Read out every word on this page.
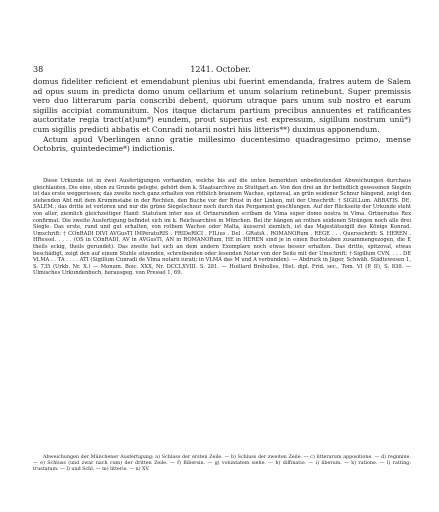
38	1241. October.

domus fideliter reficient et emendabunt plenius ubi fuerint emendanda, fratres autem de Salem ad opus suum in predicta domo unum cellarium et unum solarium retinebunt. Super premissis vero duo litterarum paria conscribi debent, quorum utraque pars unum sub nostro et earum sigillis accipiat communitum. Nos itaque dictarum partium precibus annuentes et ratificantes auctoritate regia tract(at)um*) eundem, prout superius est expressum, sigillum nostrum unū*) cum sigillis predicti abbatis et Conradi notarii nostri hiis litteris**) duximus apponendum.

Actum apud Vberlingen anno gratie millesimo ducentesimo quadragesimo primo, mense Octobris, quintedecime*) indictionis.

Diese Urkunde ist in zwei Ausfertigungen vorhanden, welche bis auf die unten bemerkten unbedeutenden Abweichungen durchaus gleichlauten. Die eine, oben zu Grunde gelegte, gehört dem k. Staatsarchive zu Stuttgart an. Von den drei an ihr befindlich gewesenen Siegeln ist das erste weggerissen; das zweite noch ganz erhalten von röthlich braunem Wachse, spitzoval, an grün seidener Schnur hängend, zeigt den stehenden Abt mit dem Krummstabe in der Rechten, den Buche vor der Brust in der Linken, mit der Umschrift: † SIGILLum. ABBATIS. DE. SALEM.; das dritte ist verloren und nur die grüne Siegelschnur noch durch das Pergament geschlungen. Auf der Rückseite der Urkunde steht von alter, ziemlich gleichzeitiger Hand: Statutum inter nos et Ortnerundem scribam de Vlma super domo nostra in Vlma. Ortnerudus Rex confirmat. Die zweite Ausfertigung befindet sich im k. Reichsarchive in München. Bei ihr hängen an rothen seidenen Strängen noch alle drei Siegle. Das erste, rund und gut erhalten, von rothem Wachse oder Malta, äusserst ziemlich, ist das Majestätssigill des Königs Konrad. Umschrift: † COnRADI DIVI AVGusTI IMPeratoRIS . FRIDeRICI . FILius . Del . GRatiA . ROMANORum . REGE . . . Quersschrift: S. HEREN . HRessel. . . . . (OS in COnRADI, AV in AVGusTI, AN in ROMANORum, HE in HEREN sind je in einen Buchstaben zusammengezogen, die E theils eckig, theils gerundet). Das zweite hat sich an dem andern Exemplare noch etwas besser erhalten. Das dritte, spitzoval, etwas beschädigt, zeigt den auf einem Stuhle sitzenden, schreibenden oder lesenden Notar von der Seite mit der Umschrift: † Sigillum CVN. . . . DE VLMA . . TA . . . . ATI (Sigillum Cunradi de Vlma notarii iurati; in VLMA das M und A verbunden). — Abdruck in Jäger, Schwäb. Städtewesen 1, S. 735 (Urkb. Nr. X.) — Monum. Boic. XXX, Nr. DCCLXVIII. S. 281. — Huillard Bréholles, Hist. dipl. Frid. sec., Tom. VI (P. II), S. 830. — Ulmisches Urkundenbuch, herausgeg. von Pressel 1, 69.

Abweichungen der Münchener Ausfertigung: a) Schluss der ersten Zeile. — b) Schluss der zweiten Zeile. — c) litterarum appositione. — d) regimine. — e) Schluss (und zwar nach cum) der dritten Zeile. — f) Bibersin. — g) voluntatem siehe. — h) diffinatio. — i) liberum. — k) ratione. — l) ratting: trustatum. — l) und Schl. — m) litteris. — n) XV.
